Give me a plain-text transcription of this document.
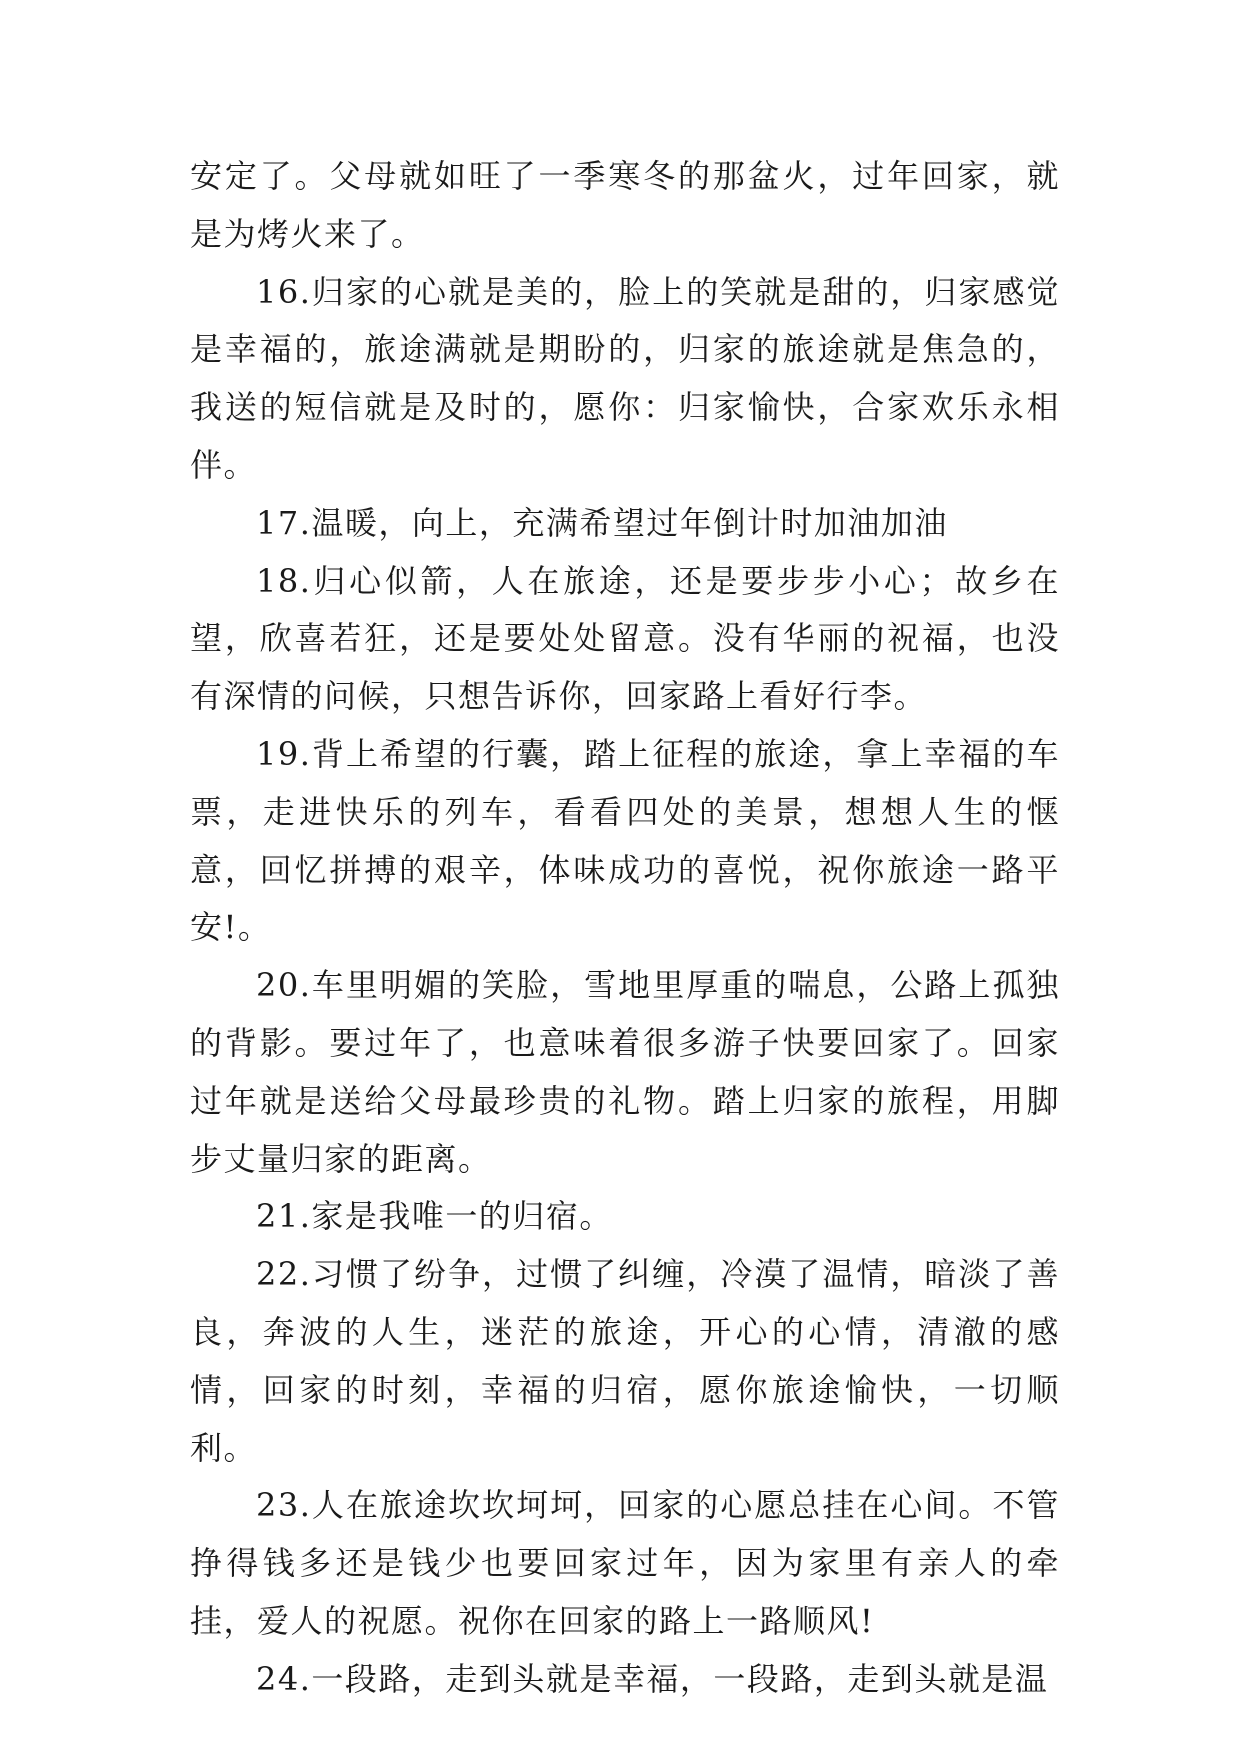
安定了。父母就如旺了一季寒冬的那盆火，过年回家，就是为烤火来了。

16.归家的心就是美的，脸上的笑就是甜的，归家感觉是幸福的，旅途满就是期盼的，归家的旅途就是焦急的，我送的短信就是及时的，愿你：归家愉快，合家欢乐永相伴。

17.温暖，向上，充满希望过年倒计时加油加油

18.归心似箭，人在旅途，还是要步步小心；故乡在望，欣喜若狂，还是要处处留意。没有华丽的祝福，也没有深情的问候，只想告诉你，回家路上看好行李。

19.背上希望的行囊，踏上征程的旅途，拿上幸福的车票，走进快乐的列车，看看四处的美景，想想人生的惬意，回忆拼搏的艰辛，体味成功的喜悦，祝你旅途一路平安!。

20.车里明媚的笑脸，雪地里厚重的喘息，公路上孤独的背影。要过年了，也意味着很多游子快要回家了。回家过年就是送给父母最珍贵的礼物。踏上归家的旅程，用脚步丈量归家的距离。

21.家是我唯一的归宿。

22.习惯了纷争，过惯了纠缠，冷漠了温情，暗淡了善良，奔波的人生，迷茫的旅途，开心的心情，清澈的感情，回家的时刻，幸福的归宿，愿你旅途愉快，一切顺利。

23.人在旅途坎坎坷坷，回家的心愿总挂在心间。不管挣得钱多还是钱少也要回家过年，因为家里有亲人的牵挂，爱人的祝愿。祝你在回家的路上一路顺风!

24.一段路，走到头就是幸福，一段路，走到头就是温
